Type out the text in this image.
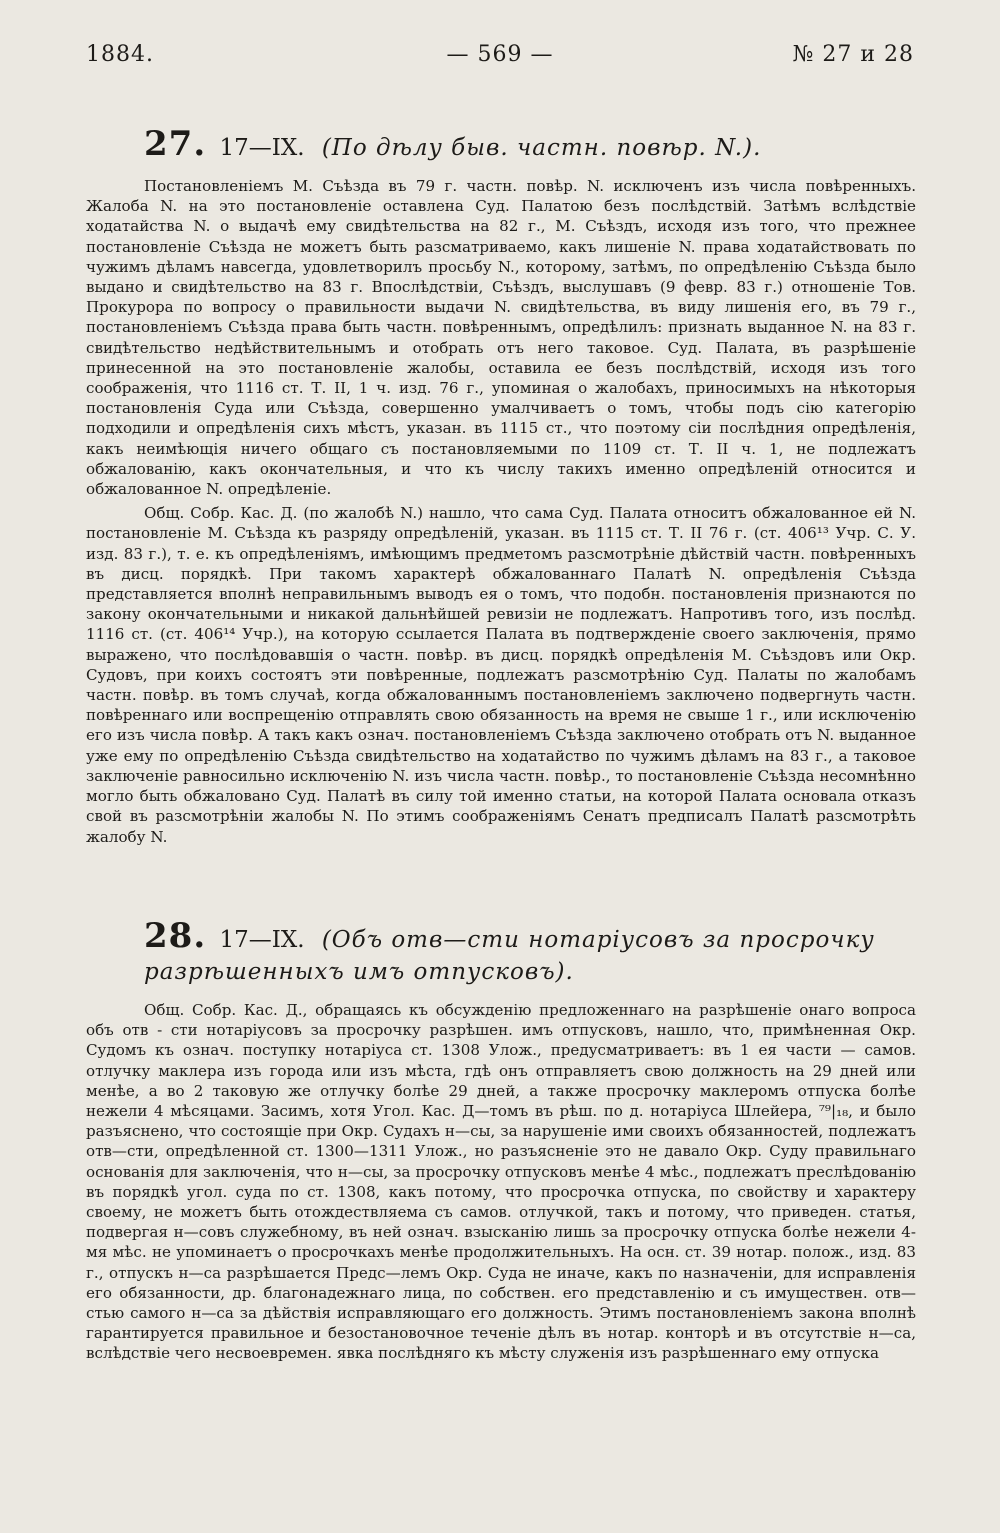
1884.	— 569 —	№ 27 и 28
27. 17—IX. (По дѣлу быв. частн. повѣр. N.).

Постановленіемъ М. Съѣзда въ 79 г. частн. повѣр. N. исключенъ изъ числа повѣренныхъ. Жалоба N. на это постановленіе оставлена Суд. Палатою безъ послѣдствій. Затѣмъ вслѣдствіе ходатайства N. о выдачѣ ему свидѣтельства на 82 г., М. Съѣздъ, исходя изъ того, что прежнее постановленіе Съѣзда не можетъ быть разсматриваемо, какъ лишеніе N. права ходатайствовать по чужимъ дѣламъ навсегда, удовлетворилъ просьбу N., которому, затѣмъ, по опредѣленію Съѣзда было выдано и свидѣтельство на 83 г. Впослѣдствіи, Съѣздъ, выслушавъ (9 февр. 83 г.) отношеніе Тов. Прокурора по вопросу о правильности выдачи N. свидѣтельства, въ виду лишенія его, въ 79 г., постановленіемъ Съѣзда права быть частн. повѣреннымъ, опредѣлилъ: признать выданное N. на 83 г. свидѣтельство недѣйствительнымъ и отобрать отъ него таковое. Суд. Палата, въ разрѣшеніе принесенной на это постановленіе жалобы, оставила ее безъ послѣдствій, исходя изъ того соображенія, что 1116 ст. Т. II, 1 ч. изд. 76 г., упоминая о жалобахъ, приносимыхъ на нѣкоторыя постановленія Суда или Съѣзда, совершенно умалчиваетъ о томъ, чтобы подъ сію категорію подходили и опредѣленія сихъ мѣстъ, указан. въ 1115 ст., что поэтому сіи послѣдния опредѣленія, какъ неимѣющія ничего общаго съ постановляемыми по 1109 ст. Т. II ч. 1, не подлежатъ обжалованію, какъ окончательныя, и что къ числу такихъ именно опредѣленій относится и обжалованное N. опредѣленіе.

Общ. Собр. Кас. Д. (по жалобѣ N.) нашло, что сама Суд. Палата относитъ обжалованное ей N. постановленіе М. Съѣзда къ разряду опредѣленій, указан. въ 1115 ст. Т. II 76 г. (ст. 406¹³ Учр. С. У. изд. 83 г.), т. е. къ опредѣленіямъ, имѣющимъ предметомъ разсмотрѣніе дѣйствій частн. повѣренныхъ въ дисц. порядкѣ. При такомъ характерѣ обжалованнаго Палатѣ N. опредѣленія Съѣзда представляется вполнѣ неправильнымъ выводъ ея о томъ, что подобн. постановленія признаются по закону окончательными и никакой дальнѣйшей ревизіи не подлежатъ. Напротивъ того, изъ послѣд. 1116 ст. (ст. 406¹⁴ Учр.), на которую ссылается Палата въ подтвержденіе своего заключенія, прямо выражено, что послѣдовавшія о частн. повѣр. въ дисц. порядкѣ опредѣленія М. Съѣздовъ или Окр. Судовъ, при коихъ состоятъ эти повѣренные, подлежатъ разсмотрѣнію Суд. Палаты по жалобамъ частн. повѣр. въ томъ случаѣ, когда обжалованнымъ постановленіемъ заключено подвергнуть частн. повѣреннаго или воспрещенію отправлять свою обязанность на время не свыше 1 г., или исключенію его изъ числа повѣр. А такъ какъ означ. постановленіемъ Съѣзда заключено отобрать отъ N. выданное уже ему по опредѣленію Съѣзда свидѣтельство на ходатайство по чужимъ дѣламъ на 83 г., а таковое заключеніе равносильно исключенію N. изъ числа частн. повѣр., то постановленіе Съѣзда несомнѣнно могло быть обжаловано Суд. Палатѣ въ силу той именно статьи, на которой Палата основала отказъ свой въ разсмотрѣніи жалобы N. По этимъ соображеніямъ Сенатъ предписалъ Палатѣ разсмотрѣть жалобу N.

28. 17—IX. (Объ отв—сти нотаріусовъ за просрочку разрѣшенныхъ имъ отпусковъ).

Общ. Собр. Кас. Д., обращаясь къ обсужденію предложеннаго на разрѣшеніе онаго вопроса объ отв - сти нотаріусовъ за просрочку разрѣшен. имъ отпусковъ, нашло, что, примѣненная Окр. Судомъ къ означ. поступку нотаріуса ст. 1308 Улож., предусматриваетъ: въ 1 ея части — самов. отлучку маклера изъ города или изъ мѣста, гдѣ онъ отправляетъ свою должность на 29 дней или менѣе, а во 2 таковую же отлучку болѣе 29 дней, а также просрочку маклеромъ отпуска болѣе нежели 4 мѣсяцами. Засимъ, хотя Угол. Кас. Д—томъ въ рѣш. по д. нотаріуса Шлейера, ⁷⁹|₁₈, и было разъяснено, что состоящіе при Окр. Судахъ н—сы, за нарушеніе ими своихъ обязанностей, подлежатъ отв—сти, опредѣленной ст. 1300—1311 Улож., но разъясненіе это не давало Окр. Суду правильнаго основанія для заключенія, что н—сы, за просрочку отпусковъ менѣе 4 мѣс., подлежатъ преслѣдованію въ порядкѣ угол. суда по ст. 1308, какъ потому, что просрочка отпуска, по свойству и характеру своему, не можетъ быть отождествляема съ самов. отлучкой, такъ и потому, что приведен. статья, подвергая н—совъ служебному, въ ней означ. взысканію лишь за просрочку отпуска болѣе нежели 4-мя мѣс. не упоминаетъ о просрочкахъ менѣе продолжительныхъ. На осн. ст. 39 нотар. полож., изд. 83 г., отпускъ н—са разрѣшается Предс—лемъ Окр. Суда не иначе, какъ по назначеніи, для исправленія его обязанности, др. благонадежнаго лица, по собствен. его представленію и съ имуществен. отв—стью самого н—са за дѣйствія исправляющаго его должность. Этимъ постановленіемъ закона вполнѣ гарантируется правильное и безостановочное теченіе дѣлъ въ нотар. конторѣ и въ отсутствіе н—са, вслѣдствіе чего несвоевремен. явка послѣдняго къ мѣсту служенія изъ разрѣшеннаго ему отпуска
